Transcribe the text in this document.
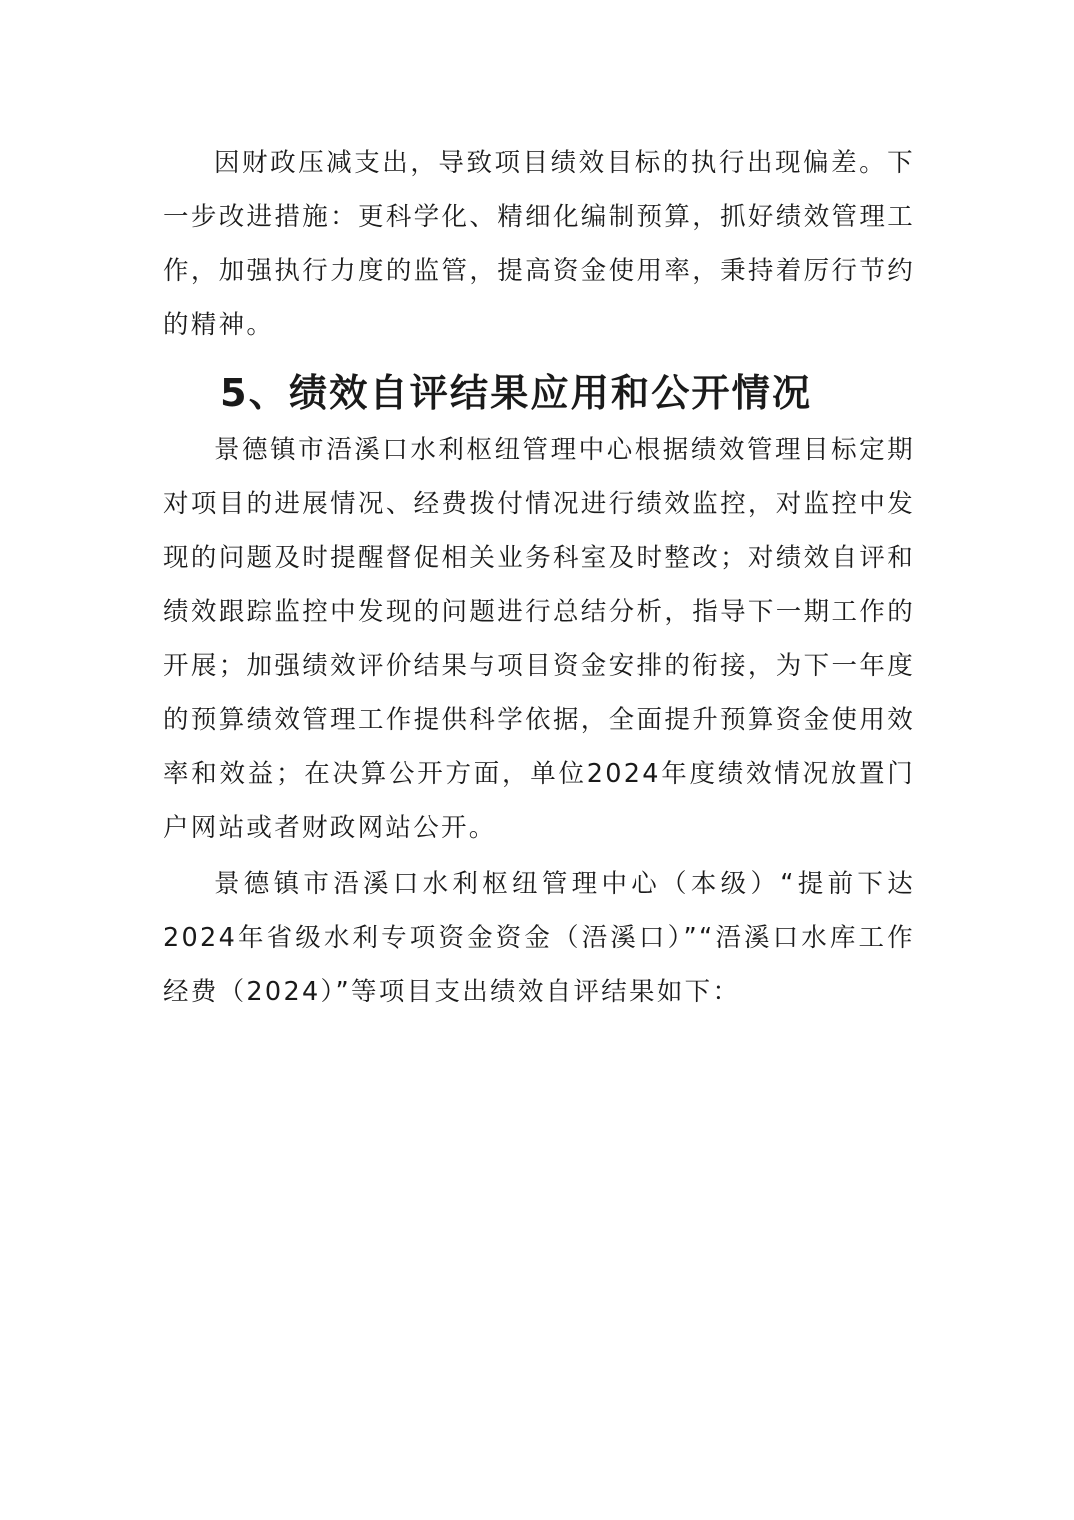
因财政压减支出，导致项目绩效目标的执行出现偏差。下一步改进措施：更科学化、精细化编制预算，抓好绩效管理工作，加强执行力度的监管，提高资金使用率，秉持着厉行节约的精神。

5、绩效自评结果应用和公开情况

景德镇市浯溪口水利枢纽管理中心根据绩效管理目标定期对项目的进展情况、经费拨付情况进行绩效监控，对监控中发现的问题及时提醒督促相关业务科室及时整改；对绩效自评和绩效跟踪监控中发现的问题进行总结分析，指导下一期工作的开展；加强绩效评价结果与项目资金安排的衔接，为下一年度的预算绩效管理工作提供科学依据，全面提升预算资金使用效率和效益；在决算公开方面，单位2024年度绩效情况放置门户网站或者财政网站公开。

景德镇市浯溪口水利枢纽管理中心（本级）“提前下达2024年省级水利专项资金资金（浯溪口）”“浯溪口水库工作经费（2024）”等项目支出绩效自评结果如下：
